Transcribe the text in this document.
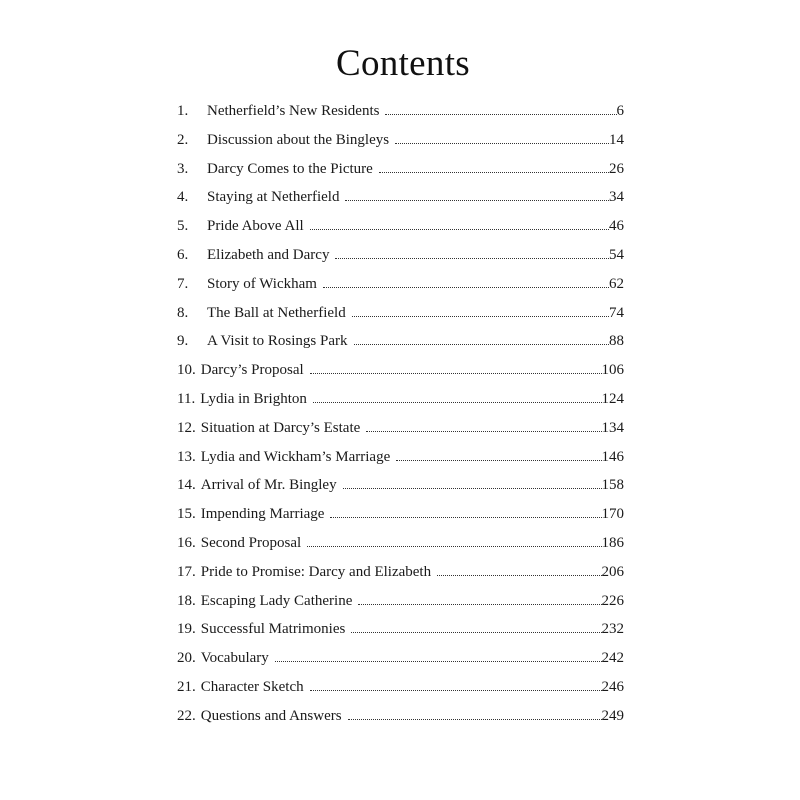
Contents
1.	Netherfield’s New Residents	6
2.	Discussion about the Bingleys	14
3.	Darcy Comes to the Picture	26
4.	Staying at Netherfield	34
5.	Pride Above All	46
6.	Elizabeth and Darcy	54
7.	Story of Wickham	62
8.	The Ball at Netherfield	74
9.	A Visit to Rosings Park	88
10. Darcy’s Proposal	106
11. Lydia in Brighton	124
12. Situation at Darcy’s Estate	134
13. Lydia and Wickham’s Marriage	146
14. Arrival of Mr. Bingley	158
15. Impending Marriage	170
16. Second Proposal	186
17. Pride to Promise: Darcy and Elizabeth	206
18. Escaping Lady Catherine	226
19. Successful Matrimonies	232
20. Vocabulary	242
21. Character Sketch	246
22. Questions and Answers	249
